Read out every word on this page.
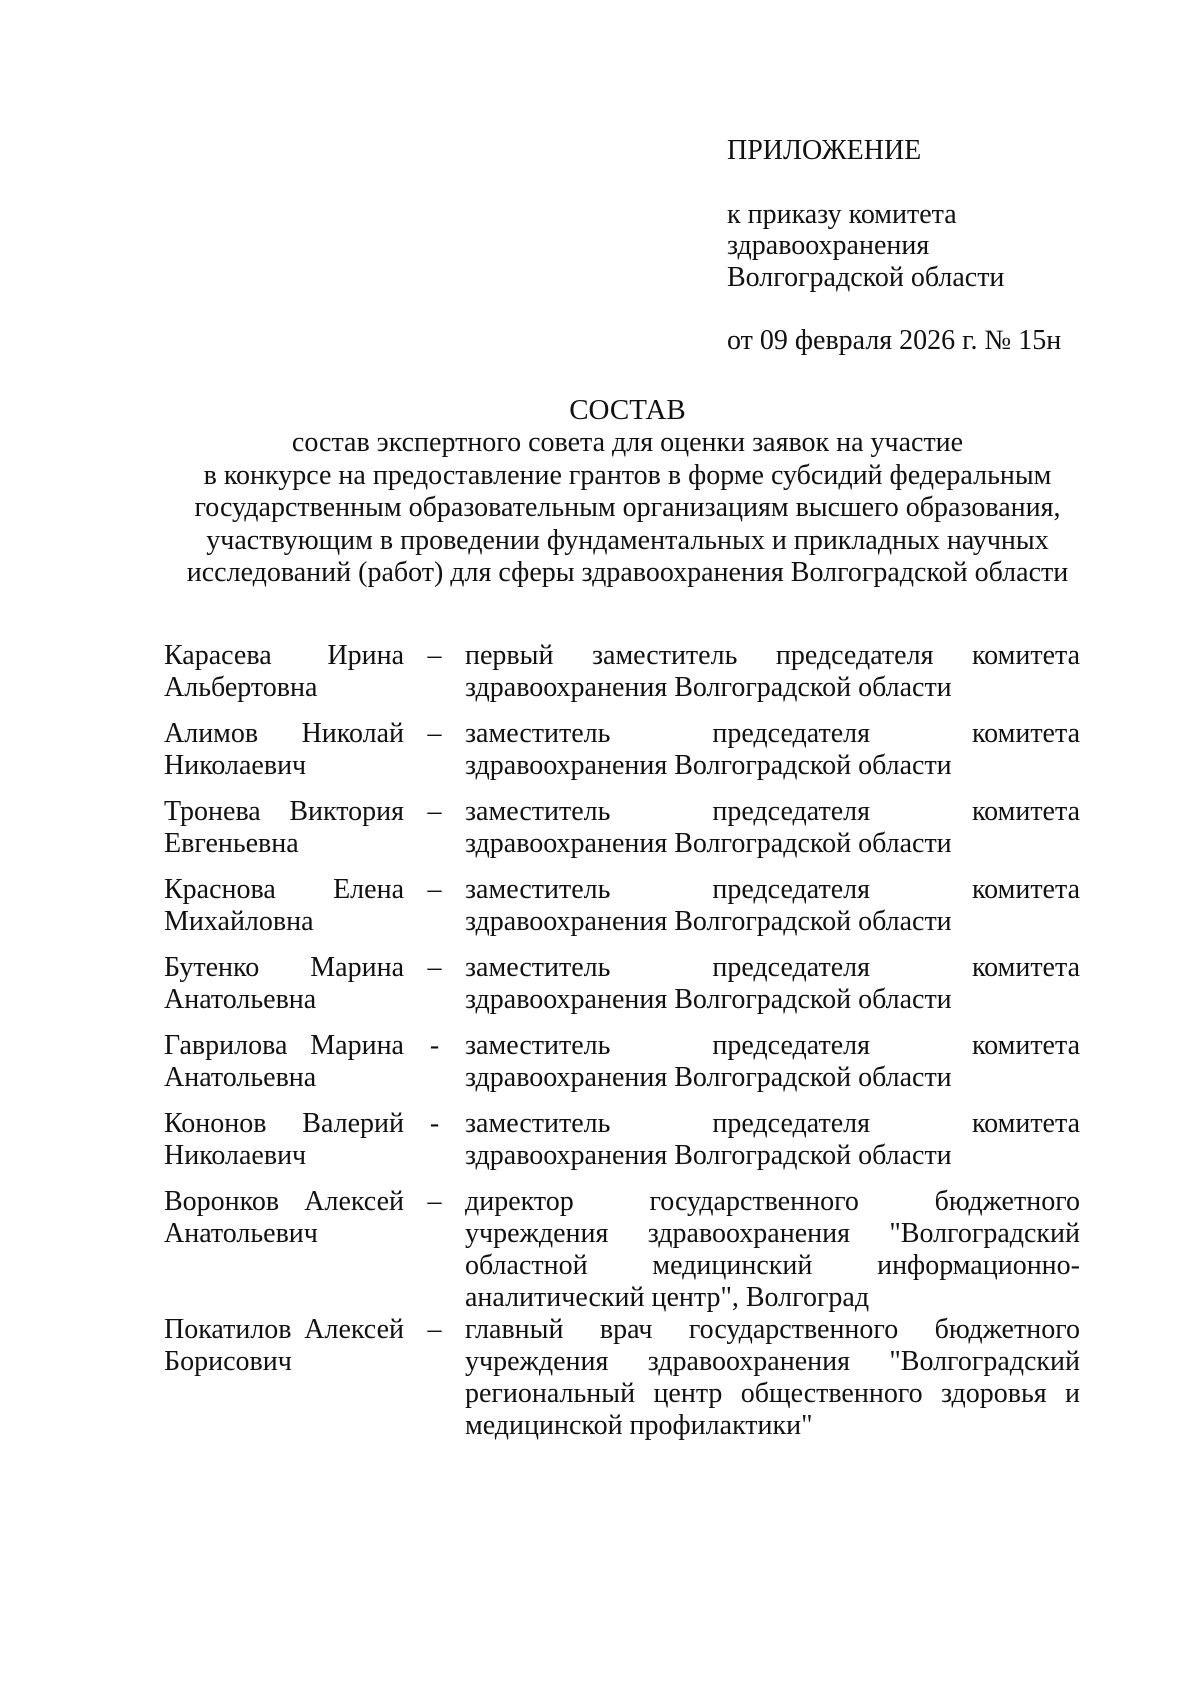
ПРИЛОЖЕНИЕ
к приказу комитета
здравоохранения
Волгоградской области
от 09 февраля 2026 г. № 15н
СОСТАВ
состав экспертного совета для оценки заявок на участие
в конкурсе на предоставление грантов в форме субсидий федеральным
государственным образовательным организациям высшего образования,
участвующим в проведении фундаментальных и прикладных научных
исследований (работ) для сферы здравоохранения Волгоградской области
Карасева Ирина Альбертовна
– первый заместитель председателя комитета здравоохранения Волгоградской области
Алимов Николай Николаевич
– заместитель председателя комитета здравоохранения Волгоградской области
Тронева Виктория Евгеньевна
– заместитель председателя комитета здравоохранения Волгоградской области
Краснова Елена Михайловна
– заместитель председателя комитета здравоохранения Волгоградской области
Бутенко Марина Анатольевна
– заместитель председателя комитета здравоохранения Волгоградской области
Гаврилова Марина Анатольевна
- заместитель председателя комитета здравоохранения Волгоградской области
Кононов Валерий Николаевич
- заместитель председателя комитета здравоохранения Волгоградской области
Воронков Алексей Анатольевич
– директор государственного бюджетного учреждения здравоохранения "Волгоградский областной медицинский информационно-аналитический центр", Волгоград
Покатилов Алексей Борисович
– главный врач государственного бюджетного учреждения здравоохранения "Волгоградский региональный центр общественного здоровья и медицинской профилактики"
